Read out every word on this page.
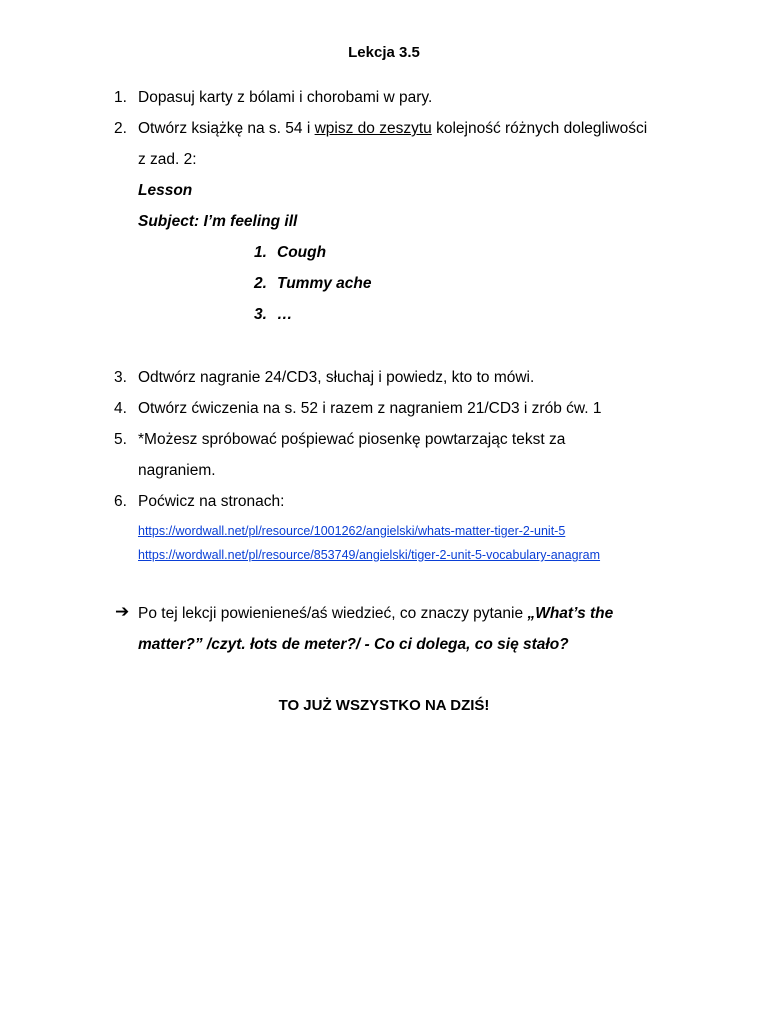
Lekcja 3.5
1. Dopasuj karty z bólami i chorobami w pary.
2. Otwórz książkę na s. 54 i wpisz do zeszytu kolejność różnych dolegliwości
z zad. 2:
Lesson
Subject: I’m feeling ill
1. Cough
2. Tummy ache
3. …
3. Odtwórz nagranie 24/CD3, słuchaj i powiedz, kto to mówi.
4. Otwórz ćwiczenia na s. 52 i razem z nagraniem 21/CD3 i zrób ćw. 1
5. *Możesz spróbować pośpiewać piosenkę powtarzając tekst za
nagraniem.
6. Poćwicz na stronach:
https://wordwall.net/pl/resource/1001262/angielski/whats-matter-tiger-2-unit-5
https://wordwall.net/pl/resource/853749/angielski/tiger-2-unit-5-vocabulary-anagram
➔ Po tej lekcji powienieneś/aś wiedzieć, co znaczy pytanie „What’s the
matter?” /czyt. łots de meter?/ - Co ci dolega, co się stało?
TO JUŻ WSZYSTKO NA DZIŚ!
